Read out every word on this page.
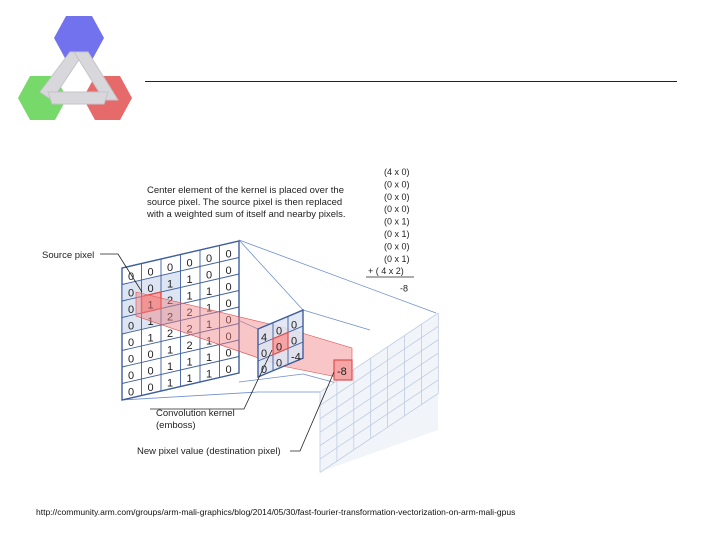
0 0 0 0 0 0
0 0 1 1 0 0
0 1 2 1 1 0
0 1 2 2 1 0
0 1 2 2 1 0
0 0 1 2 1 0
0 0 1 1 1 0
0 0 1 1 1 0
4
0
0
0
0
0
0
0
-4
-8
Center element of the kernel is placed over the
source pixel. The source pixel is then replaced
with a weighted sum of itself and nearby pixels.
Source pixel
Convolution kernel
(emboss)
New pixel value (destination pixel)
(4 x 0)
(0 x 0)
(0 x 0)
(0 x 0)
(0 x 1)
(0 x 1)
(0 x 0)
(0 x 1)
+ ( 4 x 2)
-8
http://community.arm.com/groups/arm-mali-graphics/blog/2014/05/30/fast-fourier-transformation-vectorization-on-arm-mali-gpus
